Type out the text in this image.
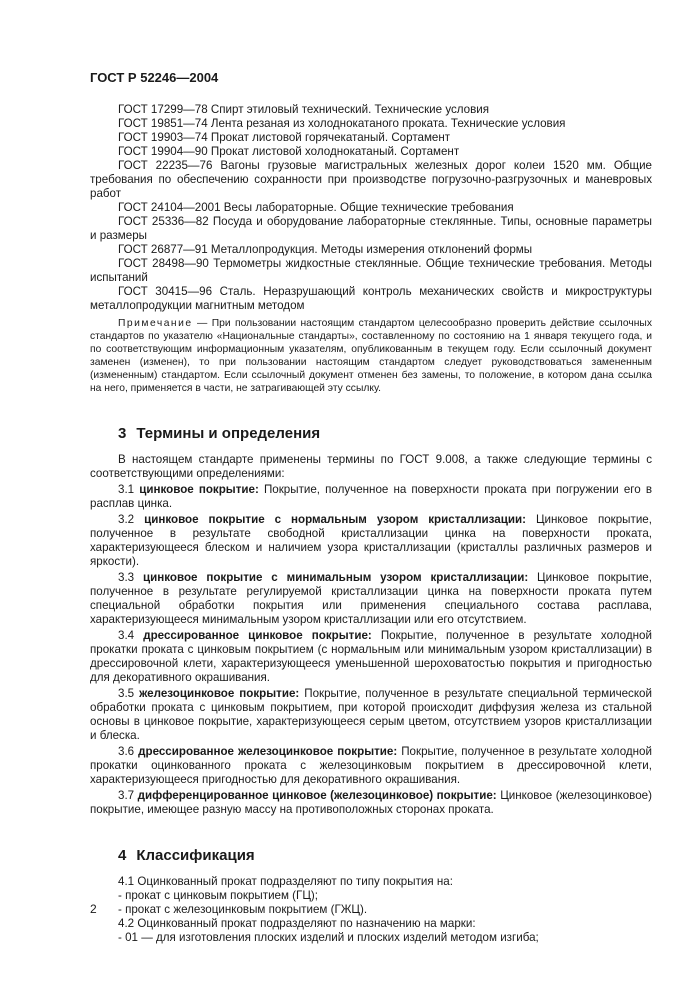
ГОСТ Р 52246—2004

ГОСТ 17299—78 Спирт этиловый технический. Технические условия

ГОСТ 19851—74 Лента резаная из холоднокатаного проката. Технические условия

ГОСТ 19903—74 Прокат листовой горячекатаный. Сортамент

ГОСТ 19904—90 Прокат листовой холоднокатаный. Сортамент

ГОСТ 22235—76 Вагоны грузовые магистральных железных дорог колеи 1520 мм. Общие требования по обеспечению сохранности при производстве погрузочно-разгрузочных и маневровых работ

ГОСТ 24104—2001 Весы лабораторные. Общие технические требования

ГОСТ 25336—82 Посуда и оборудование лабораторные стеклянные. Типы, основные параметры и размеры

ГОСТ 26877—91 Металлопродукция. Методы измерения отклонений формы

ГОСТ 28498—90 Термометры жидкостные стеклянные. Общие технические требования. Методы испытаний

ГОСТ 30415—96 Сталь. Неразрушающий контроль механических свойств и микроструктуры металлопродукции магнитным методом

Примечание — При пользовании настоящим стандартом целесообразно проверить действие ссылочных стандартов по указателю «Национальные стандарты», составленному по состоянию на 1 января текущего года, и по соответствующим информационным указателям, опубликованным в текущем году. Если ссылочный документ заменен (изменен), то при пользовании настоящим стандартом следует руководствоваться замененным (измененным) стандартом. Если ссылочный документ отменен без замены, то положение, в котором дана ссылка на него, применяется в части, не затрагивающей эту ссылку.

3 Термины и определения

В настоящем стандарте применены термины по ГОСТ 9.008, а также следующие термины с соответствующими определениями:

3.1 цинковое покрытие: Покрытие, полученное на поверхности проката при погружении его в расплав цинка.

3.2 цинковое покрытие с нормальным узором кристаллизации: Цинковое покрытие, полученное в результате свободной кристаллизации цинка на поверхности проката, характеризующееся блеском и наличием узора кристаллизации (кристаллы различных размеров и яркости).

3.3 цинковое покрытие с минимальным узором кристаллизации: Цинковое покрытие, полученное в результате регулируемой кристаллизации цинка на поверхности проката путем специальной обработки покрытия или применения специального состава расплава, характеризующееся минимальным узором кристаллизации или его отсутствием.

3.4 дрессированное цинковое покрытие: Покрытие, полученное в результате холодной прокатки проката с цинковым покрытием (с нормальным или минимальным узором кристаллизации) в дрессировочной клети, характеризующееся уменьшенной шероховатостью покрытия и пригодностью для декоративного окрашивания.

3.5 железоцинковое покрытие: Покрытие, полученное в результате специальной термической обработки проката с цинковым покрытием, при которой происходит диффузия железа из стальной основы в цинковое покрытие, характеризующееся серым цветом, отсутствием узоров кристаллизации и блеска.

3.6 дрессированное железоцинковое покрытие: Покрытие, полученное в результате холодной прокатки оцинкованного проката с железоцинковым покрытием в дрессировочной клети, характеризующееся пригодностью для декоративного окрашивания.

3.7 дифференцированное цинковое (железоцинковое) покрытие: Цинковое (железоцинковое) покрытие, имеющее разную массу на противоположных сторонах проката.

4 Классификация

4.1 Оцинкованный прокат подразделяют по типу покрытия на:

- прокат с цинковым покрытием (ГЦ);

- прокат с железоцинковым покрытием (ГЖЦ).

4.2 Оцинкованный прокат подразделяют по назначению на марки:

- 01 — для изготовления плоских изделий и плоских изделий методом изгиба;

2
